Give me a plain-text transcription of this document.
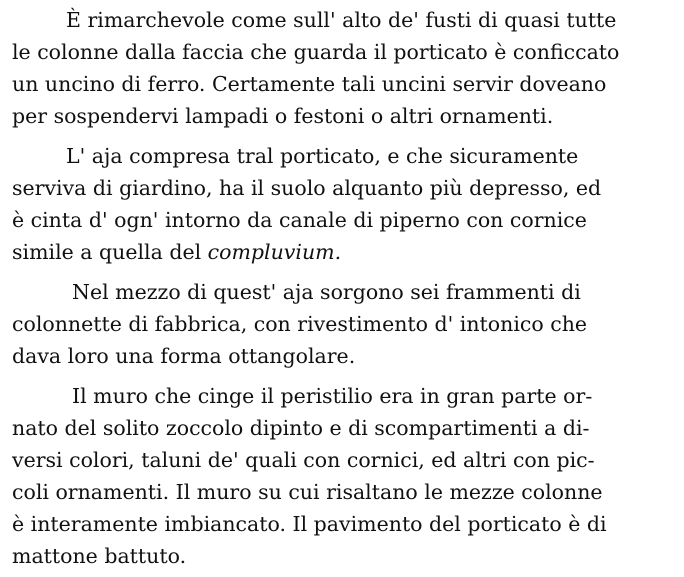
È rimarchevole come sull' alto de' fusti di quasi tutte
le colonne dalla faccia che guarda il porticato è conficcato
un uncino di ferro. Certamente tali uncini servir doveano
per sospendervi lampadi o festoni o altri ornamenti.
L' aja compresa tral porticato, e che sicuramente
serviva di giardino, ha il suolo alquanto più depresso, ed
è cinta d' ogn' intorno da canale di piperno con cornice
simile a quella del compluvium.
Nel mezzo di quest' aja sorgono sei frammenti di
colonnette di fabbrica, con rivestimento d' intonico che
dava loro una forma ottangolare.
Il muro che cinge il peristilio era in gran parte or-
nato del solito zoccolo dipinto e di scompartimenti a di-
versi colori, taluni de' quali con cornici, ed altri con pic-
coli ornamenti. Il muro su cui risaltano le mezze colonne
è interamente imbiancato. Il pavimento del porticato è di
mattone battuto.
